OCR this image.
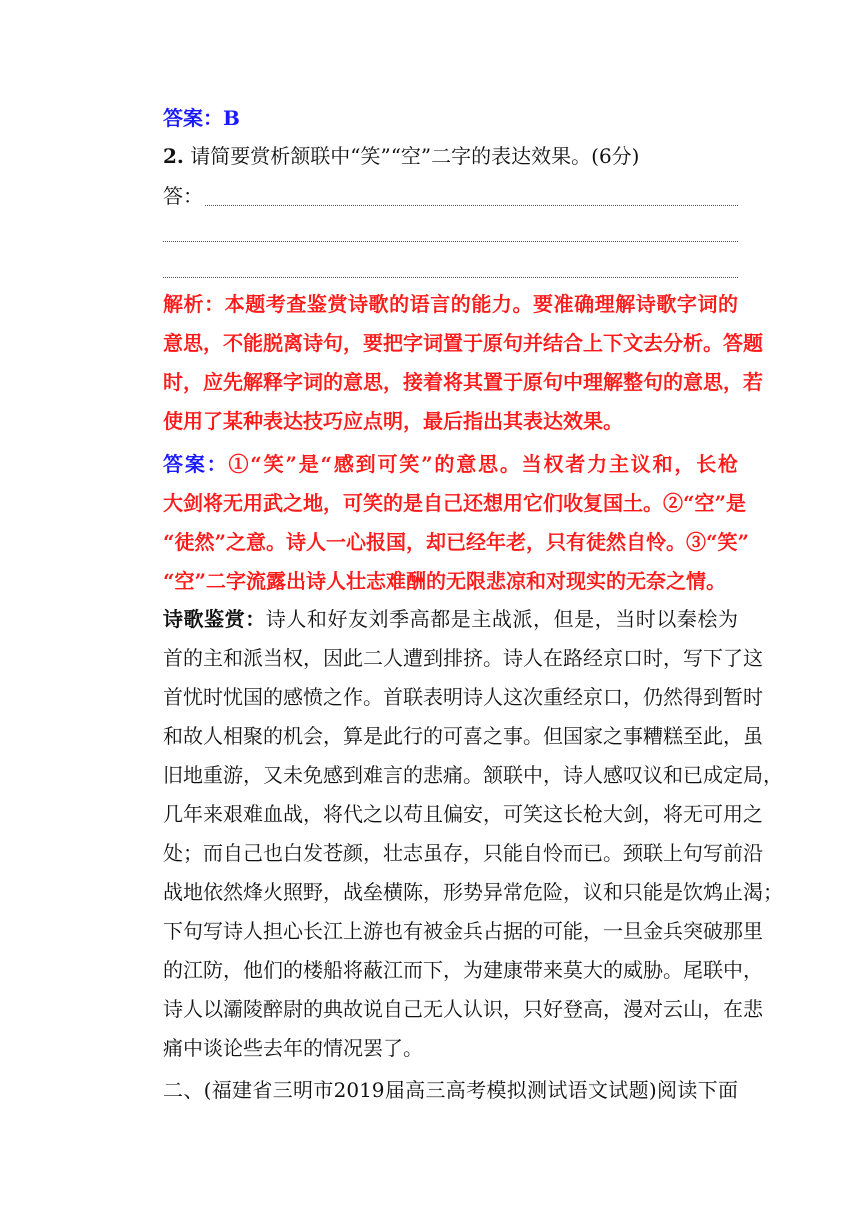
答案：B
2. 请简要赏析颔联中“笑”“空”二字的表达效果。(6分)
答：
解析：本题考查鉴赏诗歌的语言的能力。要准确理解诗歌字词的
意思，不能脱离诗句，要把字词置于原句并结合上下文去分析。答题
时，应先解释字词的意思，接着将其置于原句中理解整句的意思，若
使用了某种表达技巧应点明，最后指出其表达效果。
答案：①“笑”是“感到可笑”的意思。当权者力主议和，长枪
大剑将无用武之地，可笑的是自己还想用它们收复国土。②“空”是
“徒然”之意。诗人一心报国，却已经年老，只有徒然自怜。③“笑”
“空”二字流露出诗人壮志难酬的无限悲凉和对现实的无奈之情。
诗歌鉴赏：诗人和好友刘季高都是主战派，但是，当时以秦桧为
首的主和派当权，因此二人遭到排挤。诗人在路经京口时，写下了这
首忧时忧国的感愤之作。首联表明诗人这次重经京口，仍然得到暂时
和故人相聚的机会，算是此行的可喜之事。但国家之事糟糕至此，虽
旧地重游，又未免感到难言的悲痛。颔联中，诗人感叹议和已成定局，
几年来艰难血战，将代之以苟且偏安，可笑这长枪大剑，将无可用之
处；而自己也白发苍颜，壮志虽存，只能自怜而已。颈联上句写前沿
战地依然烽火照野，战垒横陈，形势异常危险，议和只能是饮鸩止渴；
下句写诗人担心长江上游也有被金兵占据的可能，一旦金兵突破那里
的江防，他们的楼船将蔽江而下，为建康带来莫大的威胁。尾联中，
诗人以灞陵醉尉的典故说自己无人认识，只好登高，漫对云山，在悲
痛中谈论些去年的情况罢了。
二、(福建省三明市2019届高三高考模拟测试语文试题)阅读下面
